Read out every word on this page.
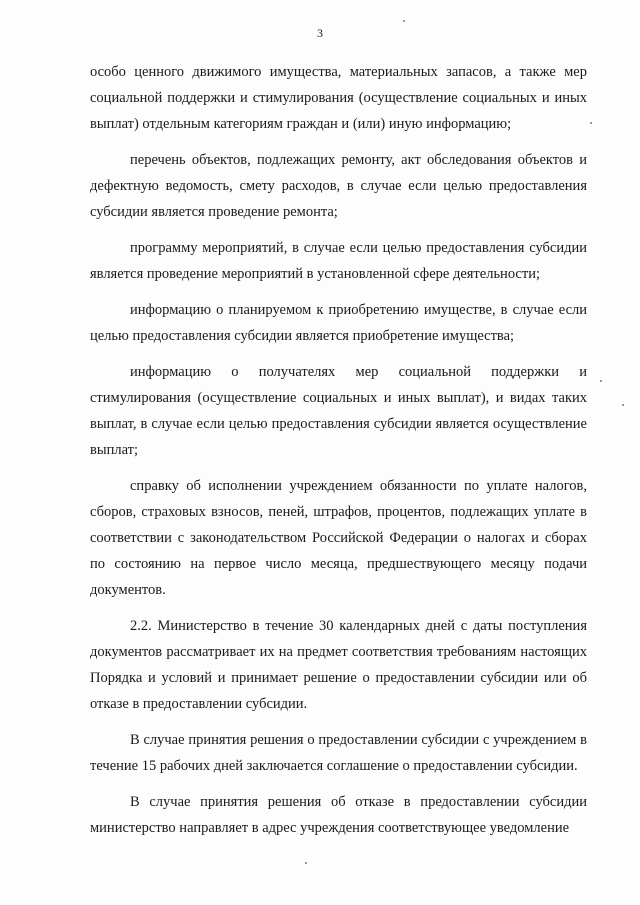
3

особо ценного движимого имущества, материальных запасов, а также мер социальной поддержки и стимулирования (осуществление социальных и иных выплат) отдельным категориям граждан и (или) иную информацию;

перечень объектов, подлежащих ремонту, акт обследования объектов и дефектную ведомость, смету расходов, в случае если целью предоставления субсидии является проведение ремонта;

программу мероприятий, в случае если целью предоставления субсидии является проведение мероприятий в установленной сфере деятельности;

информацию о планируемом к приобретению имуществе, в случае если целью предоставления субсидии является приобретение имущества;

информацию о получателях мер социальной поддержки и стимулирования (осуществление социальных и иных выплат), и видах таких выплат, в случае если целью предоставления субсидии является осуществление выплат;

справку об исполнении учреждением обязанности по уплате налогов, сборов, страховых взносов, пеней, штрафов, процентов, подлежащих уплате в соответствии с законодательством Российской Федерации о налогах и сборах по состоянию на первое число месяца, предшествующего месяцу подачи документов.

2.2. Министерство в течение 30 календарных дней с даты поступления документов рассматривает их на предмет соответствия требованиям настоящих Порядка и условий и принимает решение о предоставлении субсидии или об отказе в предоставлении субсидии.

В случае принятия решения о предоставлении субсидии с учреждением в течение 15 рабочих дней заключается соглашение о предоставлении субсидии.

В случае принятия решения об отказе в предоставлении субсидии министерство направляет в адрес учреждения соответствующее уведомление
